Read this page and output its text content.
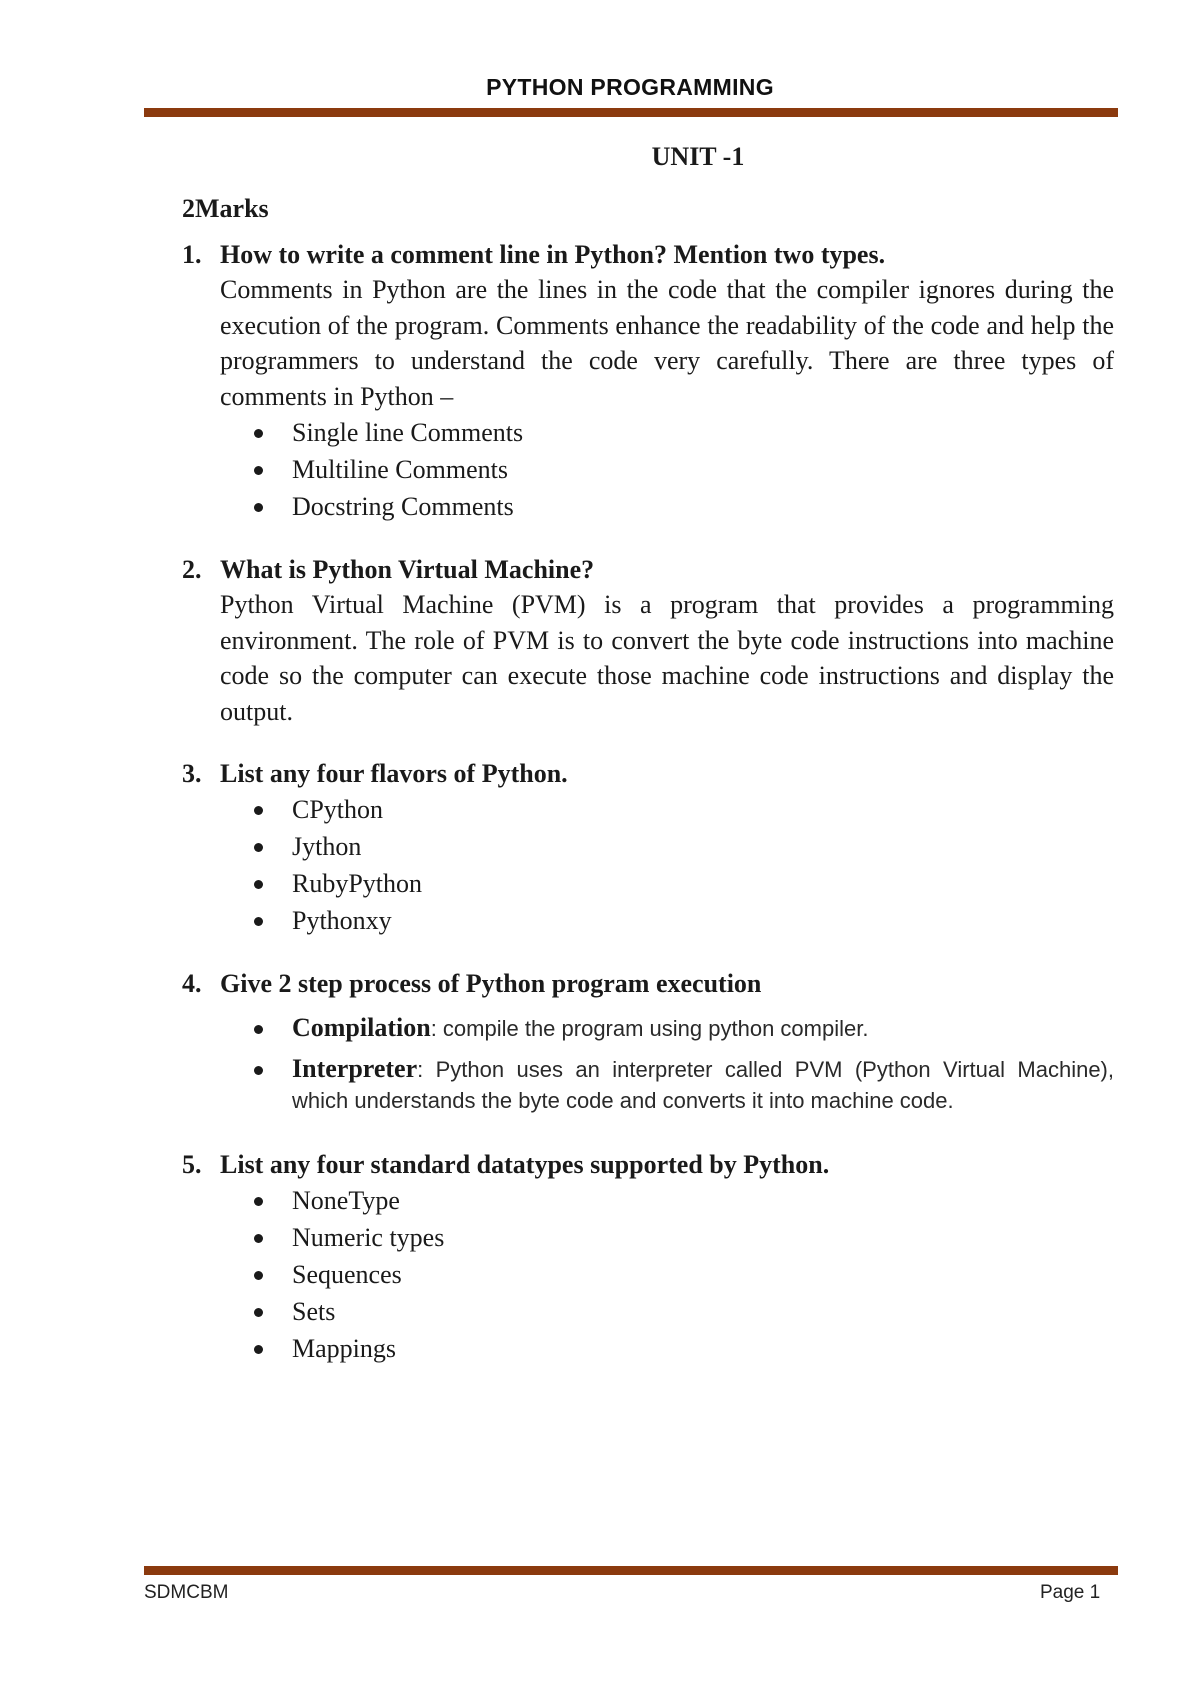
PYTHON PROGRAMMING
UNIT -1
2Marks
1. How to write a comment line in Python? Mention two types.
Comments in Python are the lines in the code that the compiler ignores during the execution of the program. Comments enhance the readability of the code and help the programmers to understand the code very carefully. There are three types of comments in Python –
Single line Comments
Multiline Comments
Docstring Comments
2. What is Python Virtual Machine?
Python Virtual Machine (PVM) is a program that provides a programming environment. The role of PVM is to convert the byte code instructions into machine code so the computer can execute those machine code instructions and display the output.
3. List any four flavors of Python.
CPython
Jython
RubyPython
Pythonxy
4. Give 2 step process of Python program execution
Compilation: compile the program using python compiler.
Interpreter: Python uses an interpreter called PVM (Python Virtual Machine), which understands the byte code and converts it into machine code.
5. List any four standard datatypes supported by Python.
NoneType
Numeric types
Sequences
Sets
Mappings
SDMCBM	Page 1
